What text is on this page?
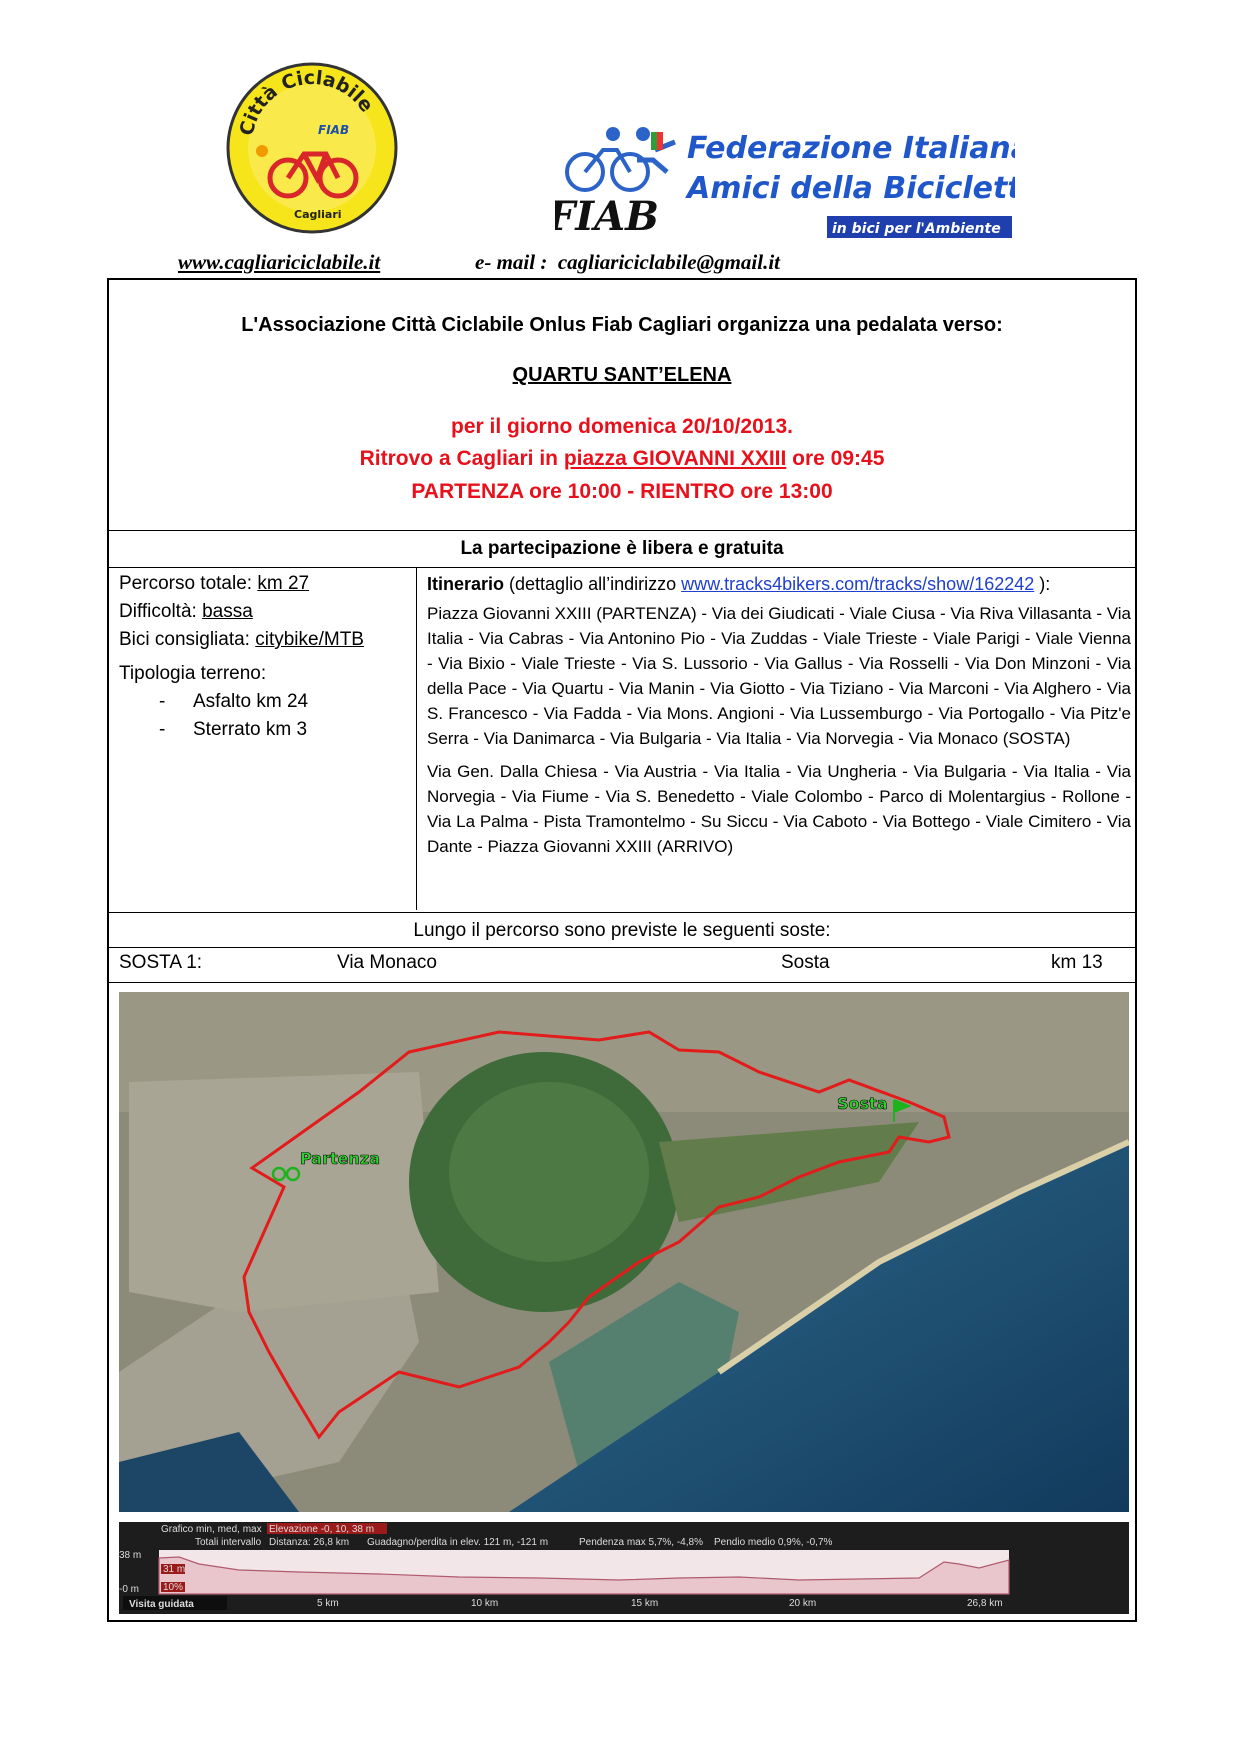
Città Ciclabile
FIAB
Cagliari	FIAB
Federazione Italiana
Amici della Bicicletta
in bici per l'Ambiente
www.cagliariciclabile.it	e- mail : cagliariciclabile@gmail.it
L'Associazione Città Ciclabile Onlus Fiab Cagliari organizza una pedalata verso:
QUARTU SANT’ELENA
per il giorno domenica 20/10/2013.
Ritrovo a Cagliari in piazza GIOVANNI XXIII ore 09:45
PARTENZA ore 10:00 - RIENTRO ore 13:00
La partecipazione è libera e gratuita
Percorso totale: km 27
Difficoltà: bassa
Bici consigliata: citybike/MTB
Tipologia terreno:
- Asfalto km 24
- Sterrato km 3
Itinerario (dettaglio all’indirizzo www.tracks4bikers.com/tracks/show/162242 ):

Piazza Giovanni XXIII (PARTENZA) - Via dei Giudicati - Viale Ciusa - Via Riva Villasanta - Via Italia - Via Cabras - Via Antonino Pio - Via Zuddas - Viale Trieste - Viale Parigi - Viale Vienna - Via Bixio - Viale Trieste - Via S. Lussorio - Via Gallus - Via Rosselli - Via Don Minzoni - Via della Pace - Via Quartu - Via Manin - Via Giotto - Via Tiziano - Via Marconi - Via Alghero - Via S. Francesco - Via Fadda - Via Mons. Angioni - Via Lussemburgo - Via Portogallo - Via Pitz'e Serra - Via Danimarca - Via Bulgaria - Via Italia - Via Norvegia - Via Monaco (SOSTA)

Via Gen. Dalla Chiesa - Via Austria - Via Italia - Via Ungheria - Via Bulgaria - Via Italia - Via Norvegia - Via Fiume - Via S. Benedetto - Viale Colombo - Parco di Molentargius - Rollone - Via La Palma - Pista Tramontelmo - Su Siccu - Via Caboto - Via Bottego - Viale Cimitero - Via Dante - Piazza Giovanni XXIII (ARRIVO)

Lungo il percorso sono previste le seguenti soste:
SOSTA 1:	Via Monaco	Sosta	km 13
Partenza
Sosta
Grafico min, med, max Elevazione -0, 10, 38 m
Totali intervallo Distanza: 26,8 km Guadagno/perdita in elev. 121 m, -121 m	Pendenza max 5,7%, -4,8% Pendio medio 0,9%, -0,7%
38 m
-0 m
31 m
10%
5 km	10 km	15 km	20 km	26,8 km
Visita guidata
